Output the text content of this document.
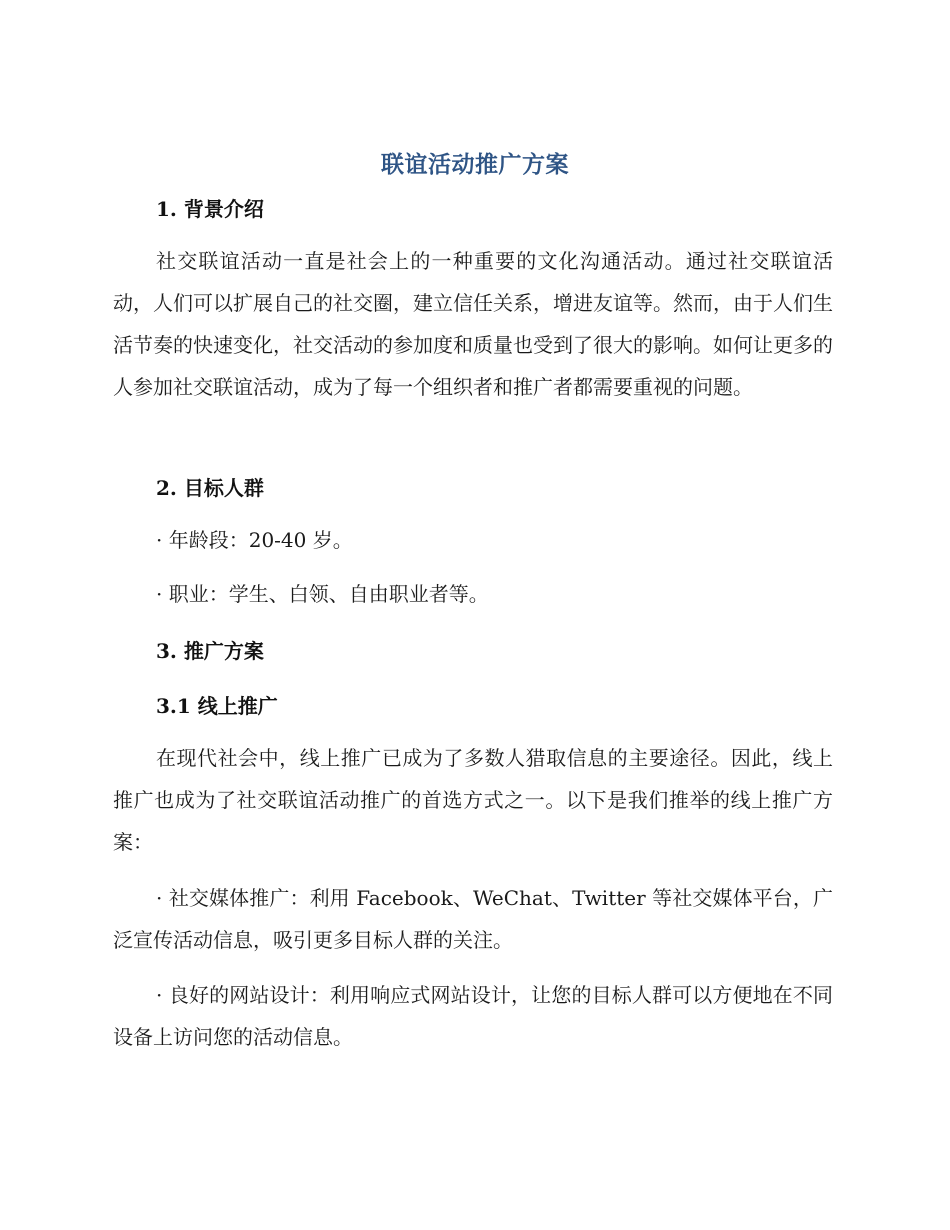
联谊活动推广方案
1. 背景介绍

社交联谊活动一直是社会上的一种重要的文化沟通活动。通过社交联谊活动，人们可以扩展自己的社交圈，建立信任关系，增进友谊等。然而，由于人们生活节奏的快速变化，社交活动的参加度和质量也受到了很大的影响。如何让更多的人参加社交联谊活动，成为了每一个组织者和推广者都需要重视的问题。

2. 目标人群

· 年龄段：20-40 岁。

· 职业：学生、白领、自由职业者等。

3. 推广方案
3.1 线上推广

在现代社会中，线上推广已成为了多数人猎取信息的主要途径。因此，线上推广也成为了社交联谊活动推广的首选方式之一。以下是我们推举的线上推广方案：

· 社交媒体推广：利用 Facebook、WeChat、Twitter 等社交媒体平台，广泛宣传活动信息，吸引更多目标人群的关注。

· 良好的网站设计：利用响应式网站设计，让您的目标人群可以方便地在不同设备上访问您的活动信息。
